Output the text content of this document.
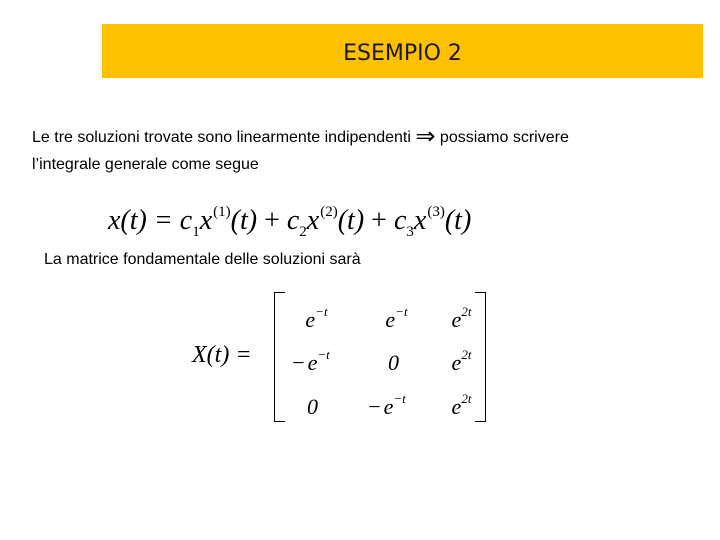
ESEMPIO 2
Le tre soluzioni trovate sono linearmente indipendenti ⇒ possiamo scrivere
l’integrale generale come segue
$x(t) = c_1x^{(1)}(t) + c_2x^{(2)}(t) + c_3x^{(3)}(t)$
La matrice fondamentale delle soluzioni sarà
X(t) =
$e^{-t}$	$e^{-t}$	$e^{2t}$
− $e^{-t}$	0	$e^{2t}$
0	− $e^{-t}$	$e^{2t}$
